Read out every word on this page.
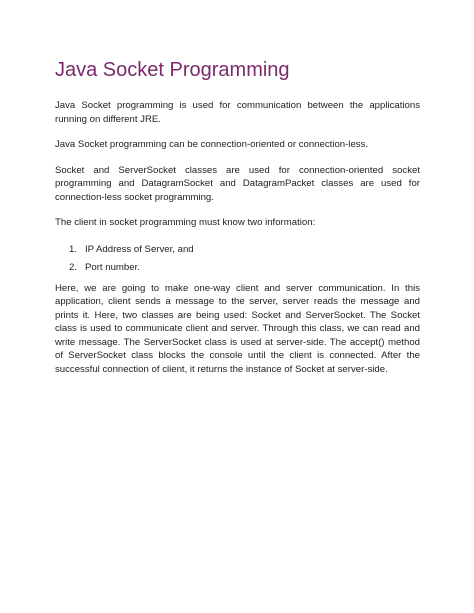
Java Socket Programming

Java Socket programming is used for communication between the applications running on different JRE.

Java Socket programming can be connection-oriented or connection-less.

Socket and ServerSocket classes are used for connection-oriented socket programming and DatagramSocket and DatagramPacket classes are used for connection-less socket programming.

The client in socket programming must know two information:

1. IP Address of Server, and
2. Port number.

Here, we are going to make one-way client and server communication. In this application, client sends a message to the server, server reads the message and prints it. Here, two classes are being used: Socket and ServerSocket. The Socket class is used to communicate client and server. Through this class, we can read and write message. The ServerSocket class is used at server-side. The accept() method of ServerSocket class blocks the console until the client is connected. After the successful connection of client, it returns the instance of Socket at server-side.
